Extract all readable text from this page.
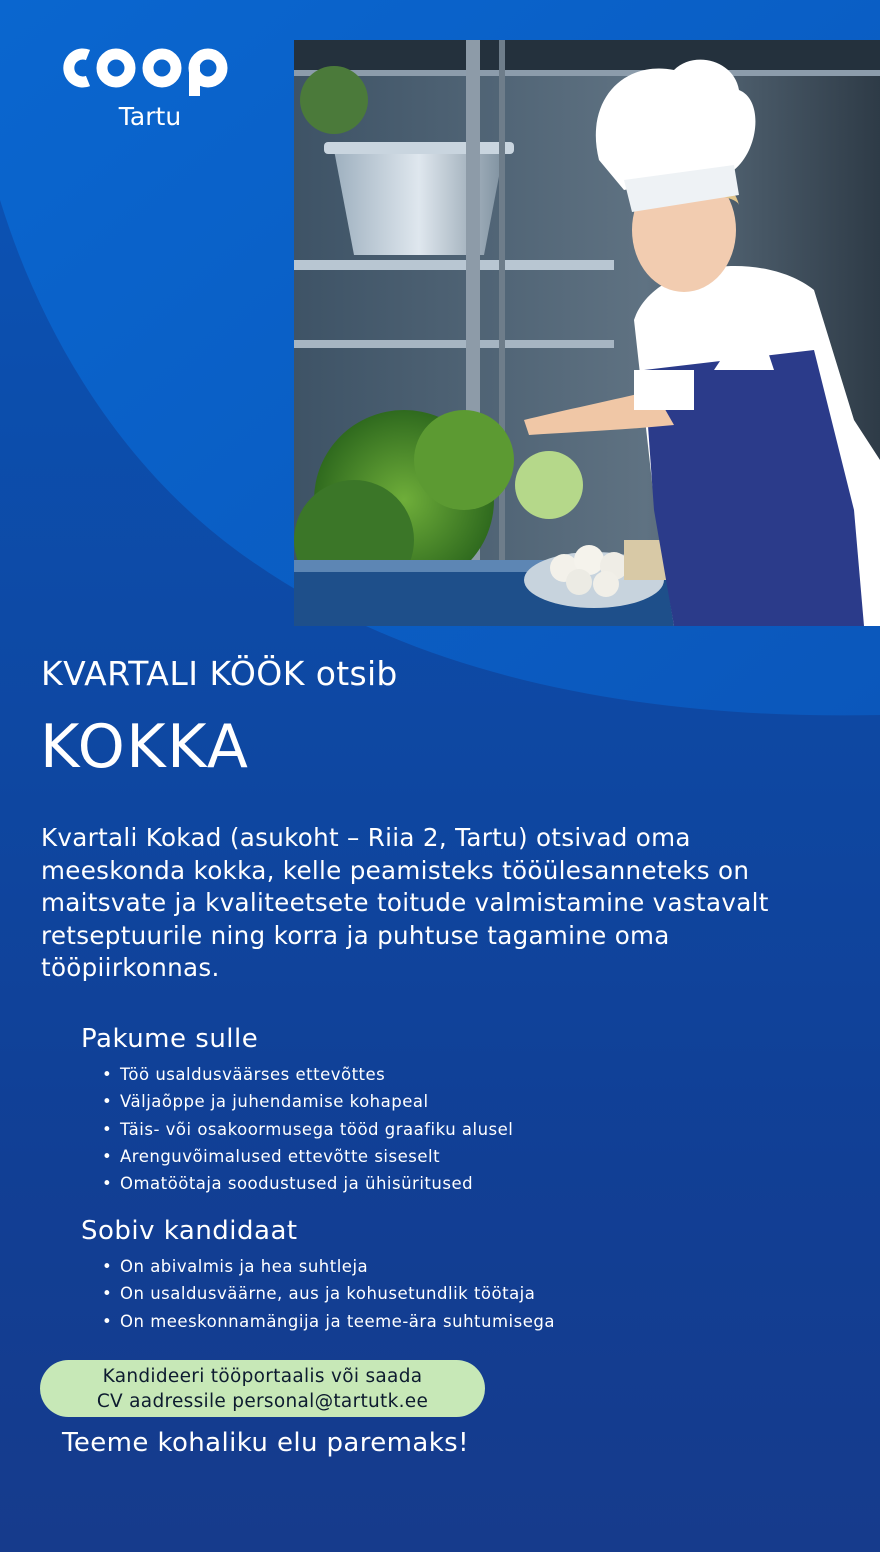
Tartu
KVARTALI KÖÖK otsib
KOKKA
Kvartali Kokad (asukoht – Riia 2, Tartu) otsivad oma
meeskonda kokka, kelle peamisteks tööülesanneteks on
maitsvate ja kvaliteetsete toitude valmistamine vastavalt
retseptuurile ning korra ja puhtuse tagamine oma
tööpiirkonnas.
Pakume sulle
• Töö usaldusväärses ettevõttes
• Väljaõppe ja juhendamise kohapeal
• Täis- või osakoormusega tööd graafiku alusel
• Arenguvõimalused ettevõtte siseselt
• Omatöötaja soodustused ja ühisüritused
Sobiv kandidaat
• On abivalmis ja hea suhtleja
• On usaldusväärne, aus ja kohusetundlik töötaja
• On meeskonnamängija ja teeme-ära suhtumisega
Kandideeri tööportaalis või saada
CV aadressile personal@tartutk.ee
Teeme kohaliku elu paremaks!
